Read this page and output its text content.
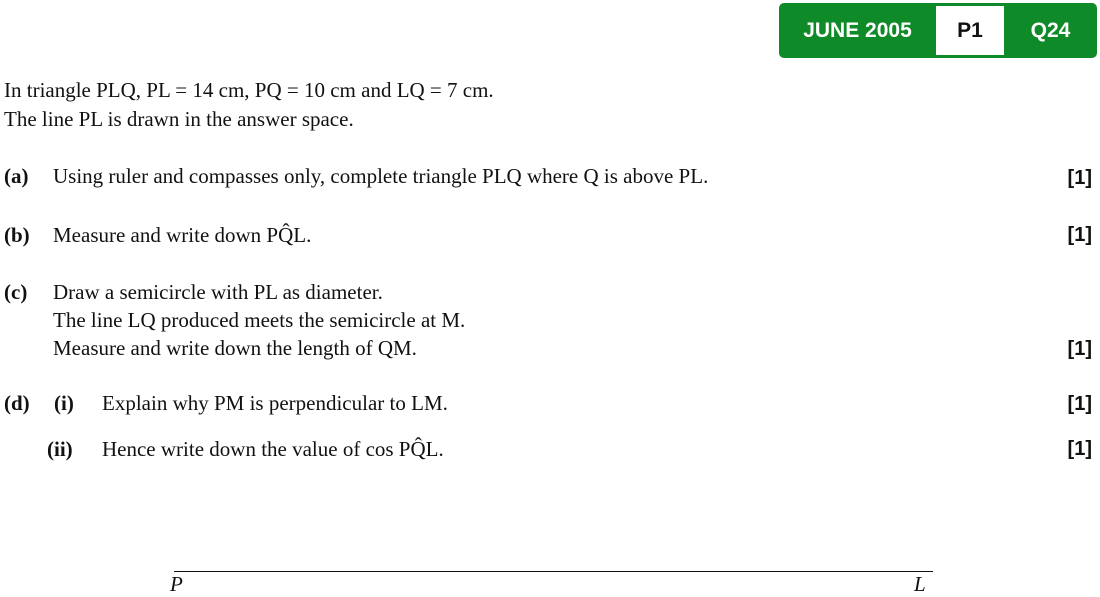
JUNE 2005	P1	Q24
In triangle PLQ, PL = 14 cm, PQ = 10 cm and LQ = 7 cm.
The line PL is drawn in the answer space.
(a) Using ruler and compasses only, complete triangle PLQ where Q is above PL.	[1]
(b) Measure and write down PQ̂L.	[1]
(c) Draw a semicircle with PL as diameter.
The line LQ produced meets the semicircle at M.
Measure and write down the length of QM.	[1]
(d) (i) Explain why PM is perpendicular to LM.	[1]
(ii) Hence write down the value of cos PQ̂L.	[1]
P	L
